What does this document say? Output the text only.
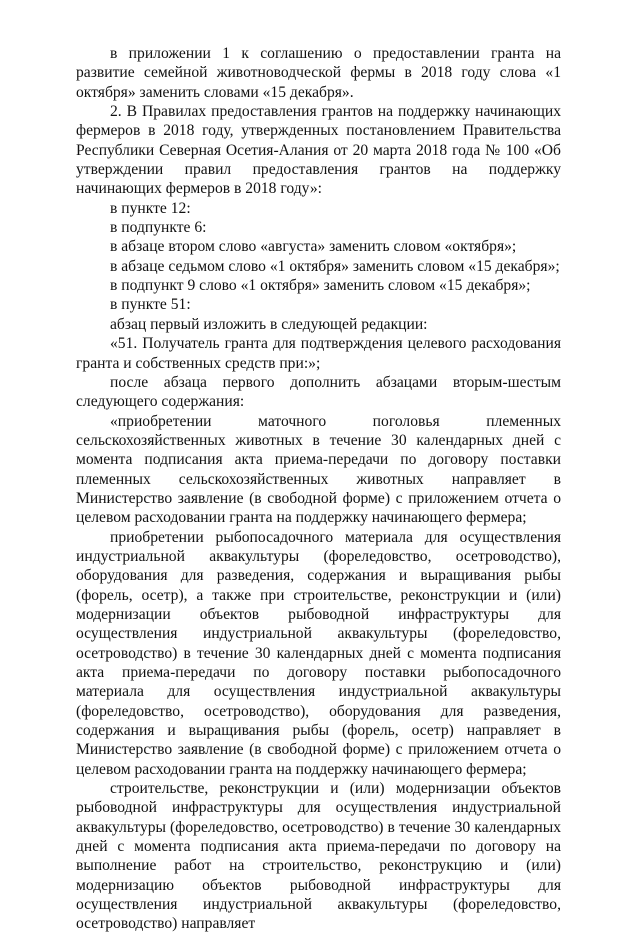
в приложении 1 к соглашению о предоставлении гранта на развитие семейной животноводческой фермы в 2018 году слова «1 октября» заменить словами «15 декабря».

2. В Правилах предоставления грантов на поддержку начинающих фермеров в 2018 году, утвержденных постановлением Правительства Республики Северная Осетия-Алания от 20 марта 2018 года № 100 «Об утверждении правил предоставления грантов на поддержку начинающих фермеров в 2018 году»:

в пункте 12:

в подпункте 6:

в абзаце втором слово «августа» заменить словом «октября»;

в абзаце седьмом слово «1 октября» заменить словом «15 декабря»;

в подпункт 9 слово «1 октября» заменить словом «15 декабря»;

в пункте 51:

абзац первый изложить в следующей редакции:

«51. Получатель гранта для подтверждения целевого расходования гранта и собственных средств при:»;

после абзаца первого дополнить абзацами вторым-шестым следующего содержания:

«приобретении маточного поголовья племенных сельскохозяйственных животных в течение 30 календарных дней с момента подписания акта приема-передачи по договору поставки племенных сельскохозяйственных животных направляет в Министерство заявление (в свободной форме) с приложением отчета о целевом расходовании гранта на поддержку начинающего фермера;

приобретении рыбопосадочного материала для осуществления индустриальной аквакультуры (фореледовство, осетроводство), оборудования для разведения, содержания и выращивания рыбы (форель, осетр), а также при строительстве, реконструкции и (или) модернизации объектов рыбоводной инфраструктуры для осуществления индустриальной аквакультуры (фореледовство, осетроводство) в течение 30 календарных дней с момента подписания акта приема-передачи по договору поставки рыбопосадочного материала для осуществления индустриальной аквакультуры (фореледовство, осетроводство), оборудования для разведения, содержания и выращивания рыбы (форель, осетр) направляет в Министерство заявление (в свободной форме) с приложением отчета о целевом расходовании гранта на поддержку начинающего фермера;

строительстве, реконструкции и (или) модернизации объектов рыбоводной инфраструктуры для осуществления индустриальной аквакультуры (фореледовство, осетроводство) в течение 30 календарных дней с момента подписания акта приема-передачи по договору на выполнение работ на строительство, реконструкцию и (или) модернизацию объектов рыбоводной инфраструктуры для осуществления индустриальной аквакультуры (фореледовство, осетроводство) направляет
